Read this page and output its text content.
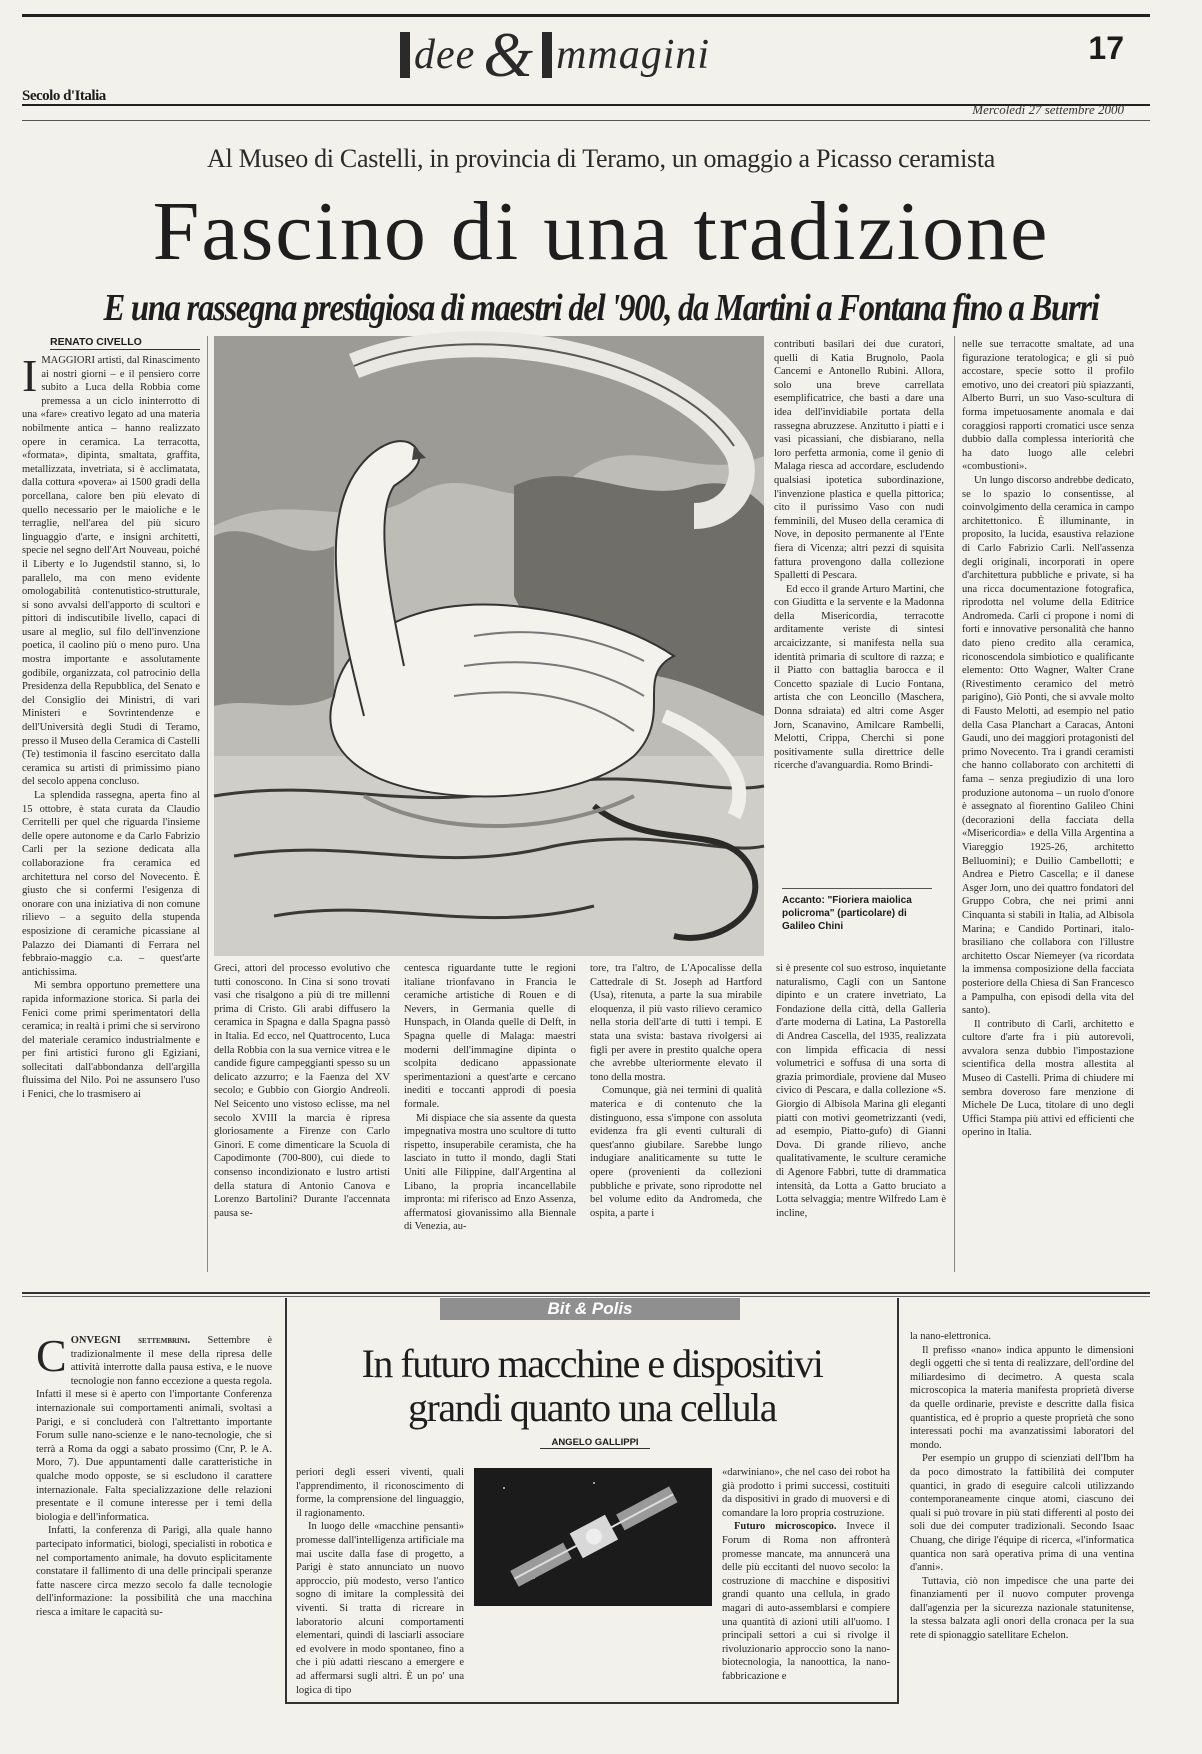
dee & mmagini	17
Secolo d'Italia
Mercoledì 27 settembre 2000
Al Museo di Castelli, in provincia di Teramo, un omaggio a Picasso ceramista
Fascino di una tradizione
E una rassegna prestigiosa di maestri del '900, da Martini a Fontana fino a Burri
RENATO CIVELLO

IMAGGIORI artisti, dal Rinascimento ai nostri giorni – e il pensiero corre subito a Luca della Robbia come premessa a un ciclo ininterrotto di una «fare» creativo legato ad una materia nobilmente antica – hanno realizzato opere in ceramica. La terracotta, «formata», dipinta, smaltata, graffita, metallizzata, invetriata, si è acclimatata, dalla cottura «povera» ai 1500 gradi della porcellana, calore ben più elevato di quello necessario per le maioliche e le terraglie, nell'area del più sicuro linguaggio d'arte, e insigni architetti, specie nel segno dell'Art Nouveau, poiché il Liberty e lo Jugendstil stanno, si, lo parallelo, ma con meno evidente omologabilità contenutistico-strutturale, si sono avvalsi dell'apporto di scultori e pittori di indiscutibile livello, capaci di usare al meglio, sul filo dell'invenzione poetica, il caolino più o meno puro. Una mostra importante e assolutamente godibile, organizzata, col patrocinio della Presidenza della Repubblica, del Senato e del Consiglio dei Ministri, di vari Ministeri e Sovrintendenze e dell'Università degli Studi di Teramo, presso il Museo della Ceramica di Castelli (Te) testimonia il fascino esercitato dalla ceramica su artisti di primissimo piano del secolo appena concluso.

La splendida rassegna, aperta fino al 15 ottobre, è stata curata da Claudio Cerritelli per quel che riguarda l'insieme delle opere autonome e da Carlo Fabrizio Carli per la sezione dedicata alla collaborazione fra ceramica ed architettura nel corso del Novecento. È giusto che si confermi l'esigenza di onorare con una iniziativa di non comune rilievo – a seguito della stupenda esposizione di ceramiche picassiane al Palazzo dei Diamanti di Ferrara nel febbraio-maggio c.a. – quest'arte antichissima.

Mi sembra opportuno premettere una rapida informazione storica. Si parla dei Fenici come primi sperimentatori della ceramica; in realtà i primi che si servirono del materiale ceramico industrialmente e per fini artistici furono gli Egiziani, sollecitati dall'abbondanza dell'argilla fluissima del Nilo. Poi ne assunsero l'uso i Fenici, che lo trasmisero ai

contributi basilari dei due curatori, quelli di Katia Brugnolo, Paola Cancemi e Antonello Rubini. Allora, solo una breve carrellata esemplificatrice, che basti a dare una idea dell'invidiabile portata della rassegna abruzzese. Anzitutto i piatti e i vasi picassiani, che disbiarano, nella loro perfetta armonia, come il genio di Malaga riesca ad accordare, escludendo qualsiasi ipotetica subordinazione, l'invenzione plastica e quella pittorica; cito il purissimo Vaso con nudi femminili, del Museo della ceramica di Nove, in deposito permanente al l'Ente fiera di Vicenza; altri pezzi di squisita fattura provengono dalla collezione Spalletti di Pescara.

Ed ecco il grande Arturo Martini, che con Giuditta e la serventе e la Madonna della Misericordia, terracotte arditamente veriste di sintesi arcaicizzante, si manifesta nella sua identità primaria di scultore di razza; e il Piatto con battaglia barocca e il Concetto spaziale di Lucio Fontana, artista che con Leoncillo (Maschera, Donna sdraiata) ed altri come Asger Jorn, Scanavino, Amilcare Rambelli, Melotti, Crippa, Cherchi si pone positivamente sulla direttrice delle ricerche d'avanguardia. Romo Brindi-

Accanto: "Fioriera maiolica policroma" (particolare) di Galileo Chini

nelle sue terracotte smaltate, ad una figurazione teratologica; e gli si può accostare, specie sotto il profilo emotivo, uno dei creatori più spiazzanti, Alberto Burri, un suo Vaso-scultura di forma impetuosamente anomala e dai coraggiosi rapporti cromatici usce senza dubbio dalla complessa interiorità che ha dato luogo alle celebri «combustioni».

Un lungo discorso andrebbe dedicato, se lo spazio lo consentisse, al coinvolgimento della ceramica in campo architettonico. È illuminante, in proposito, la lucida, esaustiva relazione di Carlo Fabrizio Carli. Nell'assenza degli originali, incorporati in opere d'architettura pubbliche e private, si ha una ricca documentazione fotografica, riprodotta nel volume della Editrice Andromeda. Carli ci propone i nomi di forti e innovative personalità che hanno dato pieno credito alla ceramica, riconoscendola simbiotico e qualificante elemento: Otto Wagner, Walter Crane (Rivestimento ceramico del metrò parigino), Giò Ponti, che si avvale molto di Fausto Melotti, ad esempio nel patio della Casa Planchart a Caracas, Antoni Gaudí, uno dei maggiori protagonisti del primo Novecento. Tra i grandi ceramisti che hanno collaborato con architetti di fama – senza pregiudizio di una loro produzione autonoma – un ruolo d'onore è assegnato al fiorentino Galileo Chini (decorazioni della facciata della «Misericordia» e della Villa Argentina a Viareggio 1925-26, architetto Belluomini); e Duilio Cambellotti; e Andrea e Pietro Cascella; e il danese Asger Jorn, uno dei quattro fondatori del Gruppo Cobra, che nei primi anni Cinquanta si stabilì in Italia, ad Albisola Marina; e Candido Portinari, italo-brasiliano che collabora con l'illustre architetto Oscar Niemeyer (va ricordata la immensa composizione della facciata posteriore della Chiesa di San Francesco a Pampulha, con episodi della vita del santo).

Il contributo di Carli, architetto e cultore d'arte fra i più autorevoli, avvalora senza dubbio l'impostazione scientifica della mostra allestita al Museo di Castelli. Prima di chiudere mi sembra doveroso fare menzione di Michele De Luca, titolare di uno degli Uffici Stampa più attivi ed efficienti che operino in Italia.

Greci, attori del processo evolutivo che tutti conoscono. In Cina si sono trovati vasi che risalgono a più di tre millenni prima di Cristo. Gli arabi diffusero la ceramica in Spagna e dalla Spagna passò in Italia. Ed ecco, nel Quattrocento, Luca della Robbia con la sua vernice vitrea e le candide figure campeggianti spesso su un delicato azzurro; e la Faenza del XV secolo; e Gubbio con Giorgio Andreoli. Nel Seicento uno vistoso eclisse, ma nel secolo XVIII la marcia è ripresa gloriosamente a Firenze con Carlo Ginori. E come dimenticare la Scuola di Capodimonte (700-800), cui diede to consenso incondizionato e lustro artisti della statura di Antonio Canova e Lorenzo Bartolini? Durante l'accennata pausa se-

centesca riguardante tutte le regioni italiane trionfavano in Francia le ceramiche artistiche di Rouen e di Nevers, in Germania quelle di Hunspach, in Olanda quelle di Delft, in Spagna quelle di Malaga: maestri moderni dell'immagine dipinta o scolpita dedicano appassionate sperimentazioni a quest'arte e cercano inediti e toccanti approdi di poesia formale.

Mi dispiace che sia assente da questa impegnativa mostra uno scultore di tutto rispetto, insuperabile ceramista, che ha lasciato in tutto il mondo, dagli Stati Uniti alle Filippine, dall'Argentina al Libano, la propria incancellabile impronta: mi riferisco ad Enzo Assenza, affermatosi giovanissimo alla Biennale di Venezia, au-

tore, tra l'altro, de L'Apocalisse della Cattedrale di St. Joseph ad Hartford (Usa), ritenuta, a parte la sua mirabile eloquenza, il più vasto rilievo ceramico nella storia dell'arte di tutti i tempi. E stata una svista: bastava rivolgersi ai figli per avere in prestito qualche opera che avrebbe ulteriormente elevato il tono della mostra.

Comunque, già nei termini di qualità materica e di contenuto che la distinguono, essa s'impone con assoluta evidenza fra gli eventi culturali di quest'anno giubilare. Sarebbe lungo indugiare analiticamente su tutte le opere (provenienti da collezioni pubbliche e private, sono riprodotte nel bel volume edito da Andromeda, che ospita, a parte i

si è presente col suo estroso, inquietante naturalismo, Cagli con un Santone dipinto e un cratere invetriato, La Fondazione della città, della Galleria d'arte moderna di Latina, La Pastorella di Andrea Cascella, del 1935, realizzata con limpida efficacia di nessi volumetrici e soffusa di una sorta di grazia primordiale, proviene dal Museo civico di Pescara, e dalla collezione «S. Giorgio di Albisola Marina gli eleganti piatti con motivi geometrizzanti (vedi, ad esempio, Piatto-gufo) di Gianni Dova. Di grande rilievo, anche qualitativamente, le sculture ceramiche di Agenore Fabbri, tutte di drammatica intensità, da Lotta a Gatto bruciato a Lotta selvaggia; mentre Wilfredo Lam è incline,

Bit & Polis
In futuro macchine e dispositivi
grandi quanto una cellula
ANGELO GALLIPPI

CONVEGNI settembrini. Settembre è tradizionalmente il mese della ripresa delle attività interrotte dalla pausa estiva, e le nuove tecnologie non fanno eccezione a questa regola. Infatti il mese si è aperto con l'importante Conferenza internazionale sui comportamenti animali, svoltasi a Parigi, e si concluderà con l'altrettanto importante Forum sulle nano-scienze e le nano-tecnologie, che si terrà a Roma da oggi a sabato prossimo (Cnr, P. le A. Moro, 7). Due appuntamenti dalle caratteristiche in qualche modo opposte, se si escludono il carattere internazionale. Falta specializzazione delle relazioni presentate e il comune interesse per i temi della biologia e dell'informatica.

Infatti, la conferenza di Parigi, alla quale hanno partecipato informatici, biologi, specialisti in robotica e nel comportamento animale, ha dovuto esplicitamente constatare il fallimento di una delle principali speranze fatte nascere circa mezzo secolo fa dalle tecnologie dell'informazione: la possibilità che una macchina riesca a imitare le capacità su-

periori degli esseri viventi, quali l'apprendimento, il riconoscimento di forme, la comprensione del linguaggio, il ragionamento.

In luogo delle «macchine pensanti» promesse dall'intelligenza artificiale ma mai uscite dalla fase di progetto, a Parigi è stato annunciato un nuovo approccio, più modesto, verso l'antico sogno di imitare la complessità dei viventi. Si tratta di ricreare in laboratorio alcuni comportamenti elementari, quindi di lasciarli associare ed evolvere in modo spontaneo, fino a che i più adatti riescano a emergere e ad affermarsi sugli altri. È un po' una logica di tipo

«darwiniano», che nel caso dei robot ha già prodotto i primi successi, costituiti da dispositivi in grado di muoversi e di comandare la loro propria costruzione.

Futuro microscopico. Invece il Forum di Roma non affronterà promesse mancate, ma annuncerà una delle più eccitanti del nuovo secolo: la costruzione di macchine e dispositivi grandi quanto una cellula, in grado magari di auto-assemblarsi e compiere una quantità di azioni utili all'uomo. I principali settori a cui si rivolge il rivoluzionario approccio sono la nano-biotecnologia, la nanoottica, la nano-fabbricazione e

la nano-elettronica.

Il prefisso «nano» indica appunto le dimensioni degli oggetti che si tenta di realizzare, dell'ordine del miliardesimo di decimetro. A questa scala microscopica la materia manifesta proprietà diverse da quelle ordinarie, previste e descritte dalla fisica quantistica, ed è proprio a queste proprietà che sono interessati pochi ma avanzatissimi laboratori del mondo.

Per esempio un gruppo di scienziati dell'Ibm ha da poco dimostrato la fattibilità dei computer quantici, in grado di eseguire calcoli utilizzando contemporaneamente cinque atomi, ciascuno dei quali si può trovare in più stati differenti al posto dei soli due dei computer tradizionali. Secondo Isaac Chuang, che dirige l'équipe di ricerca, «l'informatica quantica non sarà operativa prima di una ventina d'anni».

Tuttavia, ciò non impedisce che una parte dei finanziamenti per il nuovo computer provenga dall'agenzia per la sicurezza nazionale statunitense, la stessa balzata agli onori della cronaca per la sua rete di spionaggio satellitare Echelon.
